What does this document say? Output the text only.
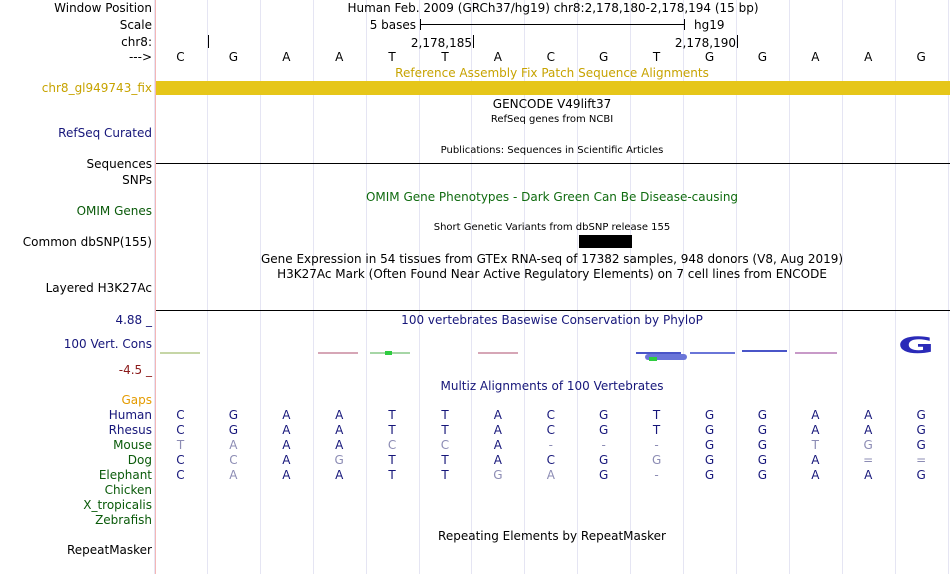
Window Position
Scale
chr8:
--->
Human Feb. 2009 (GRCh37/hg19) chr8:2,178,180-2,178,194 (15 bp)
5 bases	hg19
2,178,185	2,178,190
C	G	A	A	T	T	A	C	G	T	G	G	A	A	G
Reference Assembly Fix Patch Sequence Alignments
chr8_gl949743_fix
GENCODE V49lift37
RefSeq genes from NCBI
RefSeq Curated
Publications: Sequences in Scientific Articles
Sequences
SNPs
OMIM Gene Phenotypes - Dark Green Can Be Disease-causing
OMIM Genes
Short Genetic Variants from dbSNP release 155
Common dbSNP(155)
Gene Expression in 54 tissues from GTEx RNA-seq of 17382 samples, 948 donors (V8, Aug 2019)
H3K27Ac Mark (Often Found Near Active Regulatory Elements) on 7 cell lines from ENCODE
Layered H3K27Ac
4.88 _	100 vertebrates Basewise Conservation by PhyloP
100 Vert. Cons
-4.5 _
G
Multiz Alignments of 100 Vertebrates
Gaps
Human	C	G	A	A	T	T	A	C	G	T	G	G	A	A	G
Rhesus	C	G	A	A	T	T	A	C	G	T	G	G	A	A	G
Mouse	T	A	A	A	C	C	A	-	-	-	G	G	T	G	G
Dog	C	C	A	G	T	T	A	C	G	G	G	G	A	=	=
Elephant	C	A	A	A	T	T	G	A	G	-	G	G	A	A	G
Chicken
X_tropicalis
Zebrafish
Repeating Elements by RepeatMasker
RepeatMasker
